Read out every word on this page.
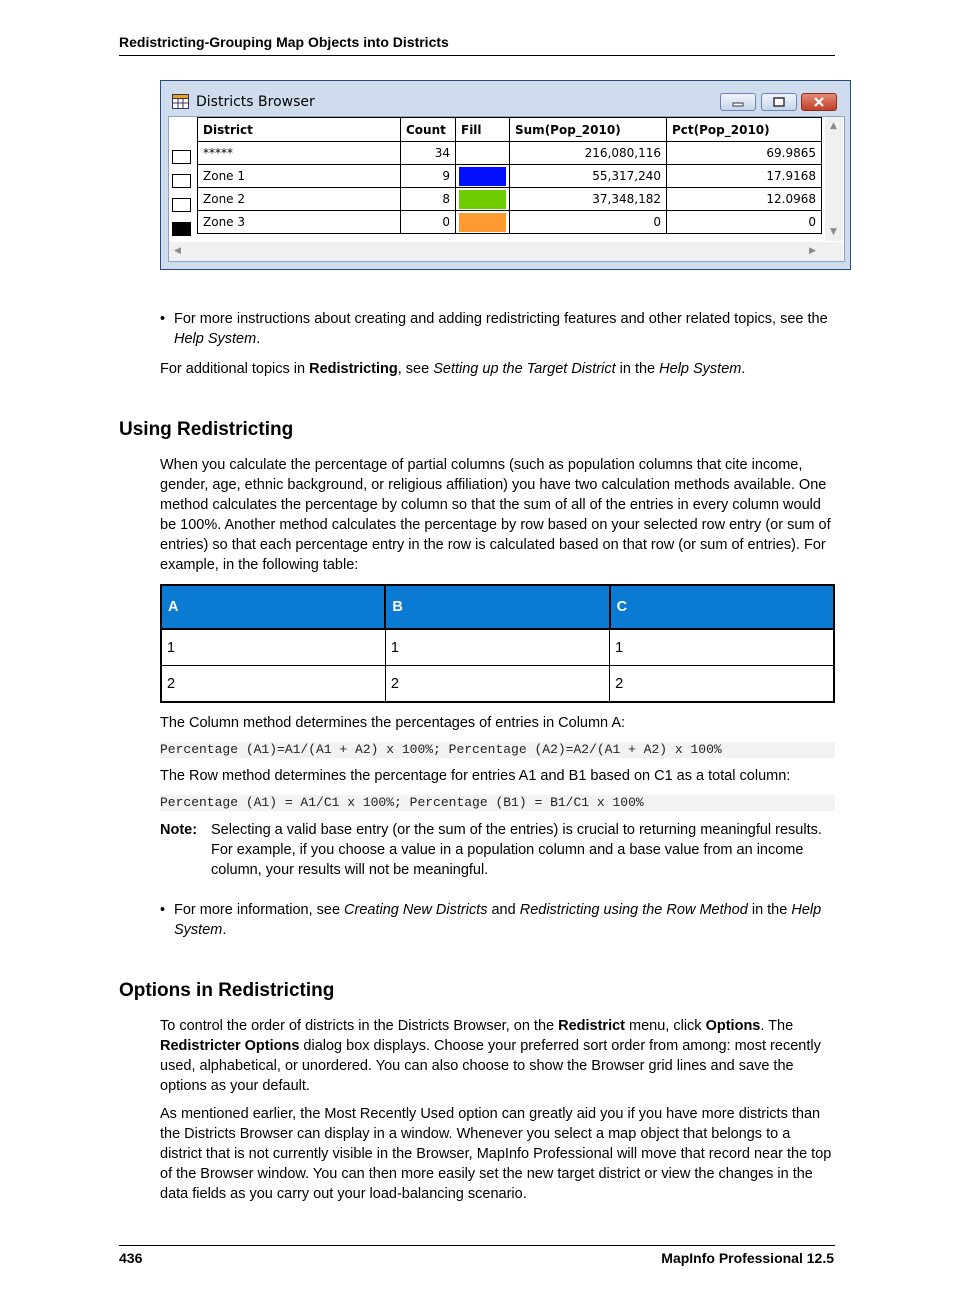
Redistricting-Grouping Map Objects into Districts
Districts Browser
District	Count	Fill	Sum(Pop_2010)	Pct(Pop_2010)
*****	34		216,080,116	69.9865
Zone 1	9		55,317,240	17.9168
Zone 2	8		37,348,182	12.0968
Zone 3	0		0	0
▲
▼
◀	▶
• For more instructions about creating and adding redistricting features and other related topics, see the Help System.
For additional topics in Redistricting, see Setting up the Target District in the Help System.
Using Redistricting
When you calculate the percentage of partial columns (such as population columns that cite income, gender, age, ethnic background, or religious affiliation) you have two calculation methods available. One method calculates the percentage by column so that the sum of all of the entries in every column would be 100%. Another method calculates the percentage by row based on your selected row entry (or sum of entries) so that each percentage entry in the row is calculated based on that row (or sum of entries). For example, in the following table:
A	B	C
1	1	1
2	2	2
The Column method determines the percentages of entries in Column A:
Percentage (A1)=A1/(A1 + A2) x 100%; Percentage (A2)=A2/(A1 + A2) x 100%
The Row method determines the percentage for entries A1 and B1 based on C1 as a total column:
Percentage (A1) = A1/C1 x 100%; Percentage (B1) = B1/C1 x 100%
Note: Selecting a valid base entry (or the sum of the entries) is crucial to returning meaningful results. For example, if you choose a value in a population column and a base value from an income column, your results will not be meaningful.
• For more information, see Creating New Districts and Redistricting using the Row Method in the Help System.
Options in Redistricting
To control the order of districts in the Districts Browser, on the Redistrict menu, click Options. The Redistricter Options dialog box displays. Choose your preferred sort order from among: most recently used, alphabetical, or unordered. You can also choose to show the Browser grid lines and save the options as your default.
As mentioned earlier, the Most Recently Used option can greatly aid you if you have more districts than the Districts Browser can display in a window. Whenever you select a map object that belongs to a district that is not currently visible in the Browser, MapInfo Professional will move that record near the top of the Browser window. You can then more easily set the new target district or view the changes in the data fields as you carry out your load-balancing scenario.
436	MapInfo Professional 12.5
